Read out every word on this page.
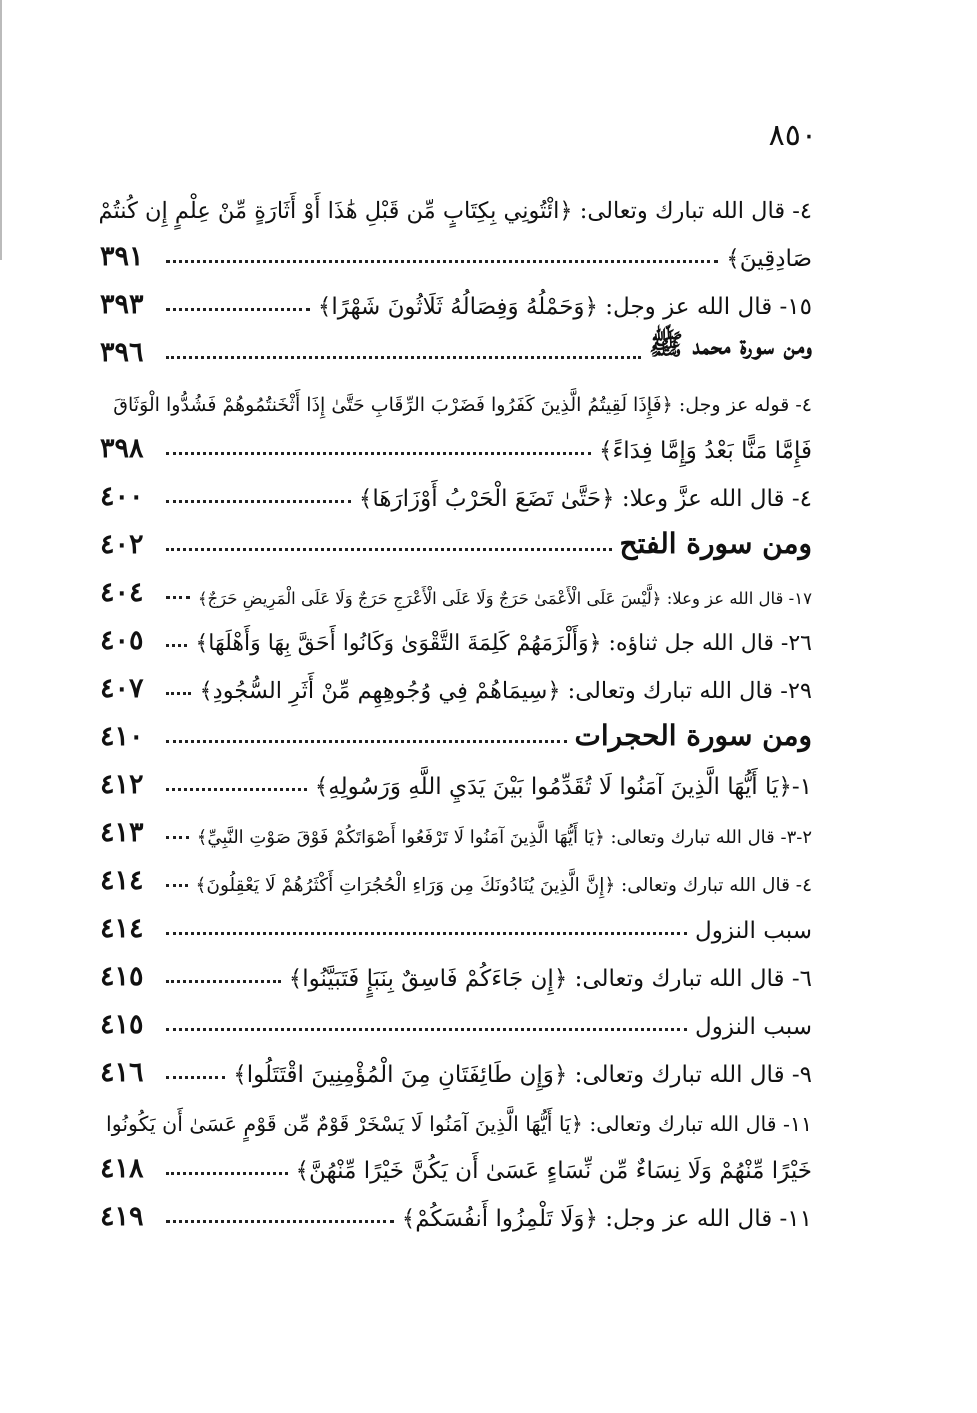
٨٥٠
٤- قال الله تبارك وتعالى: ﴿ائْتُونِي بِكِتَابٍ مِّن قَبْلِ هَٰذَا أَوْ أَثَارَةٍ مِّنْ عِلْمٍ إِن كُنتُمْ
صَادِقِينَ﴾
٣٩١
١٥- قال الله عز وجل: ﴿وَحَمْلُهُ وَفِصَالُهُ ثَلَاثُونَ شَهْرًا﴾
٣٩٣
ومن سورة محمد ﷺ
٣٩٦
٤- قوله عز وجل: ﴿فَإِذَا لَقِيتُمُ الَّذِينَ كَفَرُوا فَضَرْبَ الرِّقَابِ حَتَّىٰ إِذَا أَثْخَنتُمُوهُمْ فَشُدُّوا الْوَثَاقَ
فَإِمَّا مَنًّا بَعْدُ وَإِمَّا فِدَاءً﴾
٣٩٨
٤- قال الله عزَّ وعلا: ﴿حَتَّىٰ تَضَعَ الْحَرْبُ أَوْزَارَهَا﴾
٤٠٠
ومن سورة الفتح
٤٠٢
١٧- قال الله عز وعلا: ﴿لَّيْسَ عَلَى الْأَعْمَىٰ حَرَجٌ وَلَا عَلَى الْأَعْرَجِ حَرَجٌ وَلَا عَلَى الْمَرِيضِ حَرَجٌ﴾
٤٠٤
٢٦- قال الله جل ثناؤه: ﴿وَأَلْزَمَهُمْ كَلِمَةَ التَّقْوَىٰ وَكَانُوا أَحَقَّ بِهَا وَأَهْلَهَا﴾
٤٠٥
٢٩- قال الله تبارك وتعالى: ﴿سِيمَاهُمْ فِي وُجُوهِهِم مِّنْ أَثَرِ السُّجُودِ﴾
٤٠٧
ومن سورة الحجرات
٤١٠
١-﴿يَا أَيُّهَا الَّذِينَ آمَنُوا لَا تُقَدِّمُوا بَيْنَ يَدَيِ اللَّهِ وَرَسُولِهِ﴾
٤١٢
٢-٣- قال الله تبارك وتعالى: ﴿يَا أَيُّهَا الَّذِينَ آمَنُوا لَا تَرْفَعُوا أَصْوَاتَكُمْ فَوْقَ صَوْتِ النَّبِيِّ﴾
٤١٣
٤- قال الله تبارك وتعالى: ﴿إِنَّ الَّذِينَ يُنَادُونَكَ مِن وَرَاءِ الْحُجُرَاتِ أَكْثَرُهُمْ لَا يَعْقِلُونَ﴾
٤١٤
سبب النزول
٤١٤
٦- قال الله تبارك وتعالى: ﴿إِن جَاءَكُمْ فَاسِقٌ بِنَبَإٍ فَتَبَيَّنُوا﴾
٤١٥
سبب النزول
٤١٥
٩- قال الله تبارك وتعالى: ﴿وَإِن طَائِفَتَانِ مِنَ الْمُؤْمِنِينَ اقْتَتَلُوا﴾
٤١٦
١١- قال الله تبارك وتعالى: ﴿يَا أَيُّهَا الَّذِينَ آمَنُوا لَا يَسْخَرْ قَوْمٌ مِّن قَوْمٍ عَسَىٰ أَن يَكُونُوا
خَيْرًا مِّنْهُمْ وَلَا نِسَاءٌ مِّن نِّسَاءٍ عَسَىٰ أَن يَكُنَّ خَيْرًا مِّنْهُنَّ﴾
٤١٨
١١- قال الله عز وجل: ﴿وَلَا تَلْمِزُوا أَنفُسَكُمْ﴾
٤١٩
